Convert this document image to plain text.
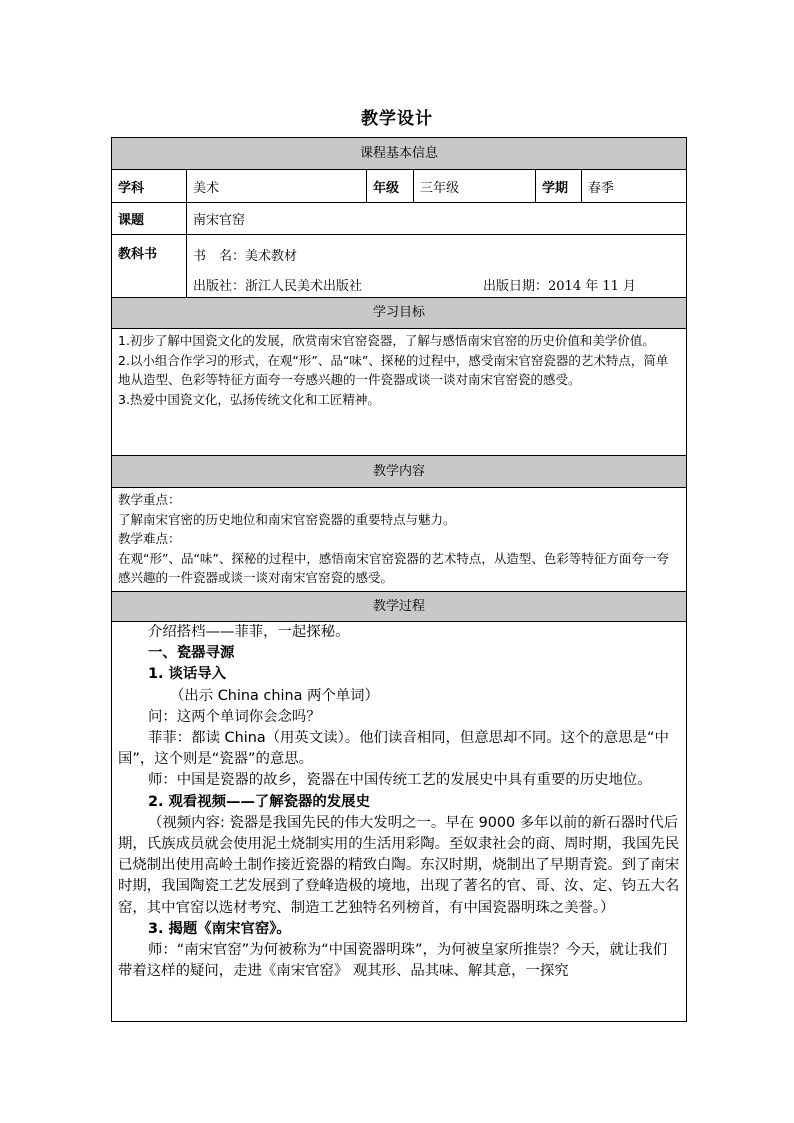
教学设计
课程基本信息
学科	美术	年级	三年级	学期	春季
课题	南宋官窑
教科书	书　名：美术教材
出版社：浙江人民美术出版社	出版日期：2014 年 11 月
学习目标

1.初步了解中国瓷文化的发展，欣赏南宋官窑瓷器，了解与感悟南宋官窑的历史价值和美学价值。

2.以小组合作学习的形式，在观“形”、品“味”、探秘的过程中，感受南宋官窑瓷器的艺术特点，简单地从造型、色彩等特征方面夸一夸感兴趣的一件瓷器或谈一谈对南宋官窑瓷的感受。

3.热爱中国瓷文化，弘扬传统文化和工匠精神。

教学内容

教学重点：

了解南宋官密的历史地位和南宋官窑瓷器的重要特点与魅力。

教学难点：

在观“形”、品“味”、探秘的过程中，感悟南宋官窑瓷器的艺术特点，从造型、色彩等特征方面夸一夸感兴趣的一件瓷器或谈一谈对南宋官窑瓷的感受。

教学过程

介绍搭档——菲菲，一起探秘。

一、瓷器寻源

1. 谈话导入

（出示 China china 两个单词）

问：这两个单词你会念吗？

菲菲：都读 China（用英文读）。他们读音相同，但意思却不同。这个的意思是“中国”，这个则是“瓷器”的意思。

师：中国是瓷器的故乡，瓷器在中国传统工艺的发展史中具有重要的历史地位。

2. 观看视频——了解瓷器的发展史

（视频内容: 瓷器是我国先民的伟大发明之一。早在 9000 多年以前的新石器时代后期，氏族成员就会使用泥土烧制实用的生活用彩陶。至奴隶社会的商、周时期，我国先民已烧制出使用高岭土制作接近瓷器的精致白陶。东汉时期，烧制出了早期青瓷。到了南宋时期，我国陶瓷工艺发展到了登峰造极的境地，出现了著名的官、哥、汝、定、钧五大名窑，其中官窑以选材考究、制造工艺独特名列榜首，有中国瓷器明珠之美誉。）

3. 揭题《南宋官窑》。

师：“南宋官窑”为何被称为“中国瓷器明珠”，为何被皇家所推崇？今天，就让我们带着这样的疑问，走进《南宋官窑》 观其形、品其味、解其意，一探究
